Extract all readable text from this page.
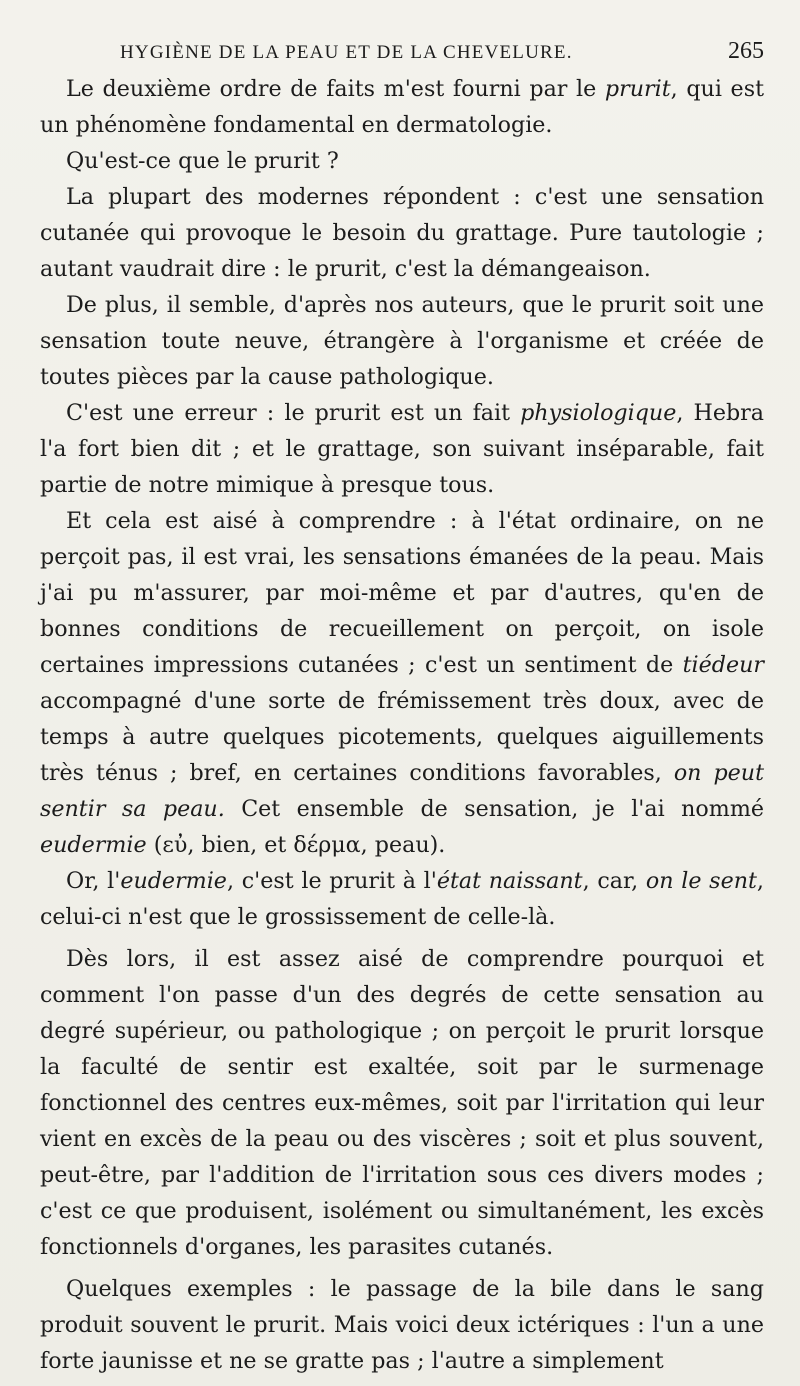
HYGIÈNE DE LA PEAU ET DE LA CHEVELURE.	265

Le deuxième ordre de faits m'est fourni par le prurit, qui est un phénomène fondamental en dermatologie.

Qu'est-ce que le prurit ?

La plupart des modernes répondent : c'est une sensation cutanée qui provoque le besoin du grattage. Pure tautologie ; autant vaudrait dire : le prurit, c'est la démangeaison.

De plus, il semble, d'après nos auteurs, que le prurit soit une sensation toute neuve, étrangère à l'organisme et créée de toutes pièces par la cause pathologique.

C'est une erreur : le prurit est un fait physiologique, Hebra l'a fort bien dit ; et le grattage, son suivant inséparable, fait partie de notre mimique à presque tous.

Et cela est aisé à comprendre : à l'état ordinaire, on ne perçoit pas, il est vrai, les sensations émanées de la peau. Mais j'ai pu m'assurer, par moi-même et par d'autres, qu'en de bonnes conditions de recueillement on perçoit, on isole certaines impressions cutanées ; c'est un sentiment de tiédeur accompagné d'une sorte de frémissement très doux, avec de temps à autre quelques picotements, quelques aiguillements très ténus ; bref, en certaines conditions favorables, on peut sentir sa peau. Cet ensemble de sensation, je l'ai nommé eudermie (εὐ, bien, et δέρμα, peau).

Or, l'eudermie, c'est le prurit à l'état naissant, car, on le sent, celui-ci n'est que le grossissement de celle-là.

Dès lors, il est assez aisé de comprendre pourquoi et comment l'on passe d'un des degrés de cette sensation au degré supérieur, ou pathologique ; on perçoit le prurit lorsque la faculté de sentir est exaltée, soit par le surmenage fonctionnel des centres eux-mêmes, soit par l'irritation qui leur vient en excès de la peau ou des viscères ; soit et plus souvent, peut-être, par l'addition de l'irritation sous ces divers modes ; c'est ce que produisent, isolément ou simultanément, les excès fonctionnels d'organes, les parasites cutanés.

Quelques exemples : le passage de la bile dans le sang produit souvent le prurit. Mais voici deux ictériques : l'un a une forte jaunisse et ne se gratte pas ; l'autre a simplement
